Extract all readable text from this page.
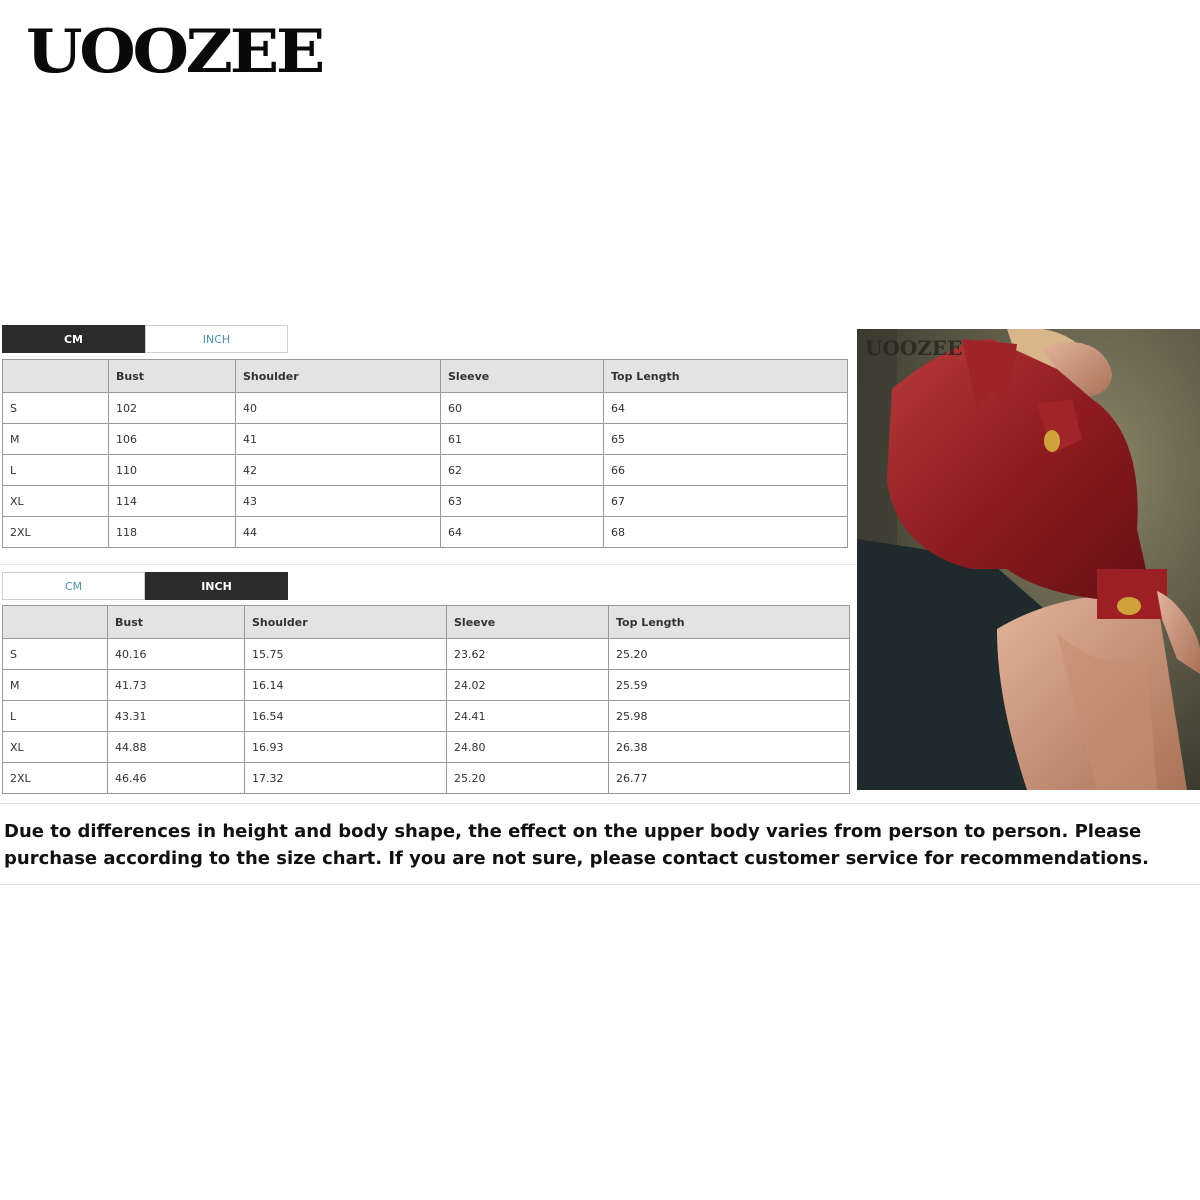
UOOZEE
CM	INCH
	Bust	Shoulder	Sleeve	Top Length
S	102	40	60	64
M	106	41	61	65
L	110	42	62	66
XL	114	43	63	67
2XL	118	44	64	68
CM	INCH
	Bust	Shoulder	Sleeve	Top Length
S	40.16	15.75	23.62	25.20
M	41.73	16.14	24.02	25.59
L	43.31	16.54	24.41	25.98
XL	44.88	16.93	24.80	26.38
2XL	46.46	17.32	25.20	26.77
UOOZEE
Due to differences in height and body shape, the effect on the upper body varies from person to person. Please purchase according to the size chart. If you are not sure, please contact customer service for recommendations.
